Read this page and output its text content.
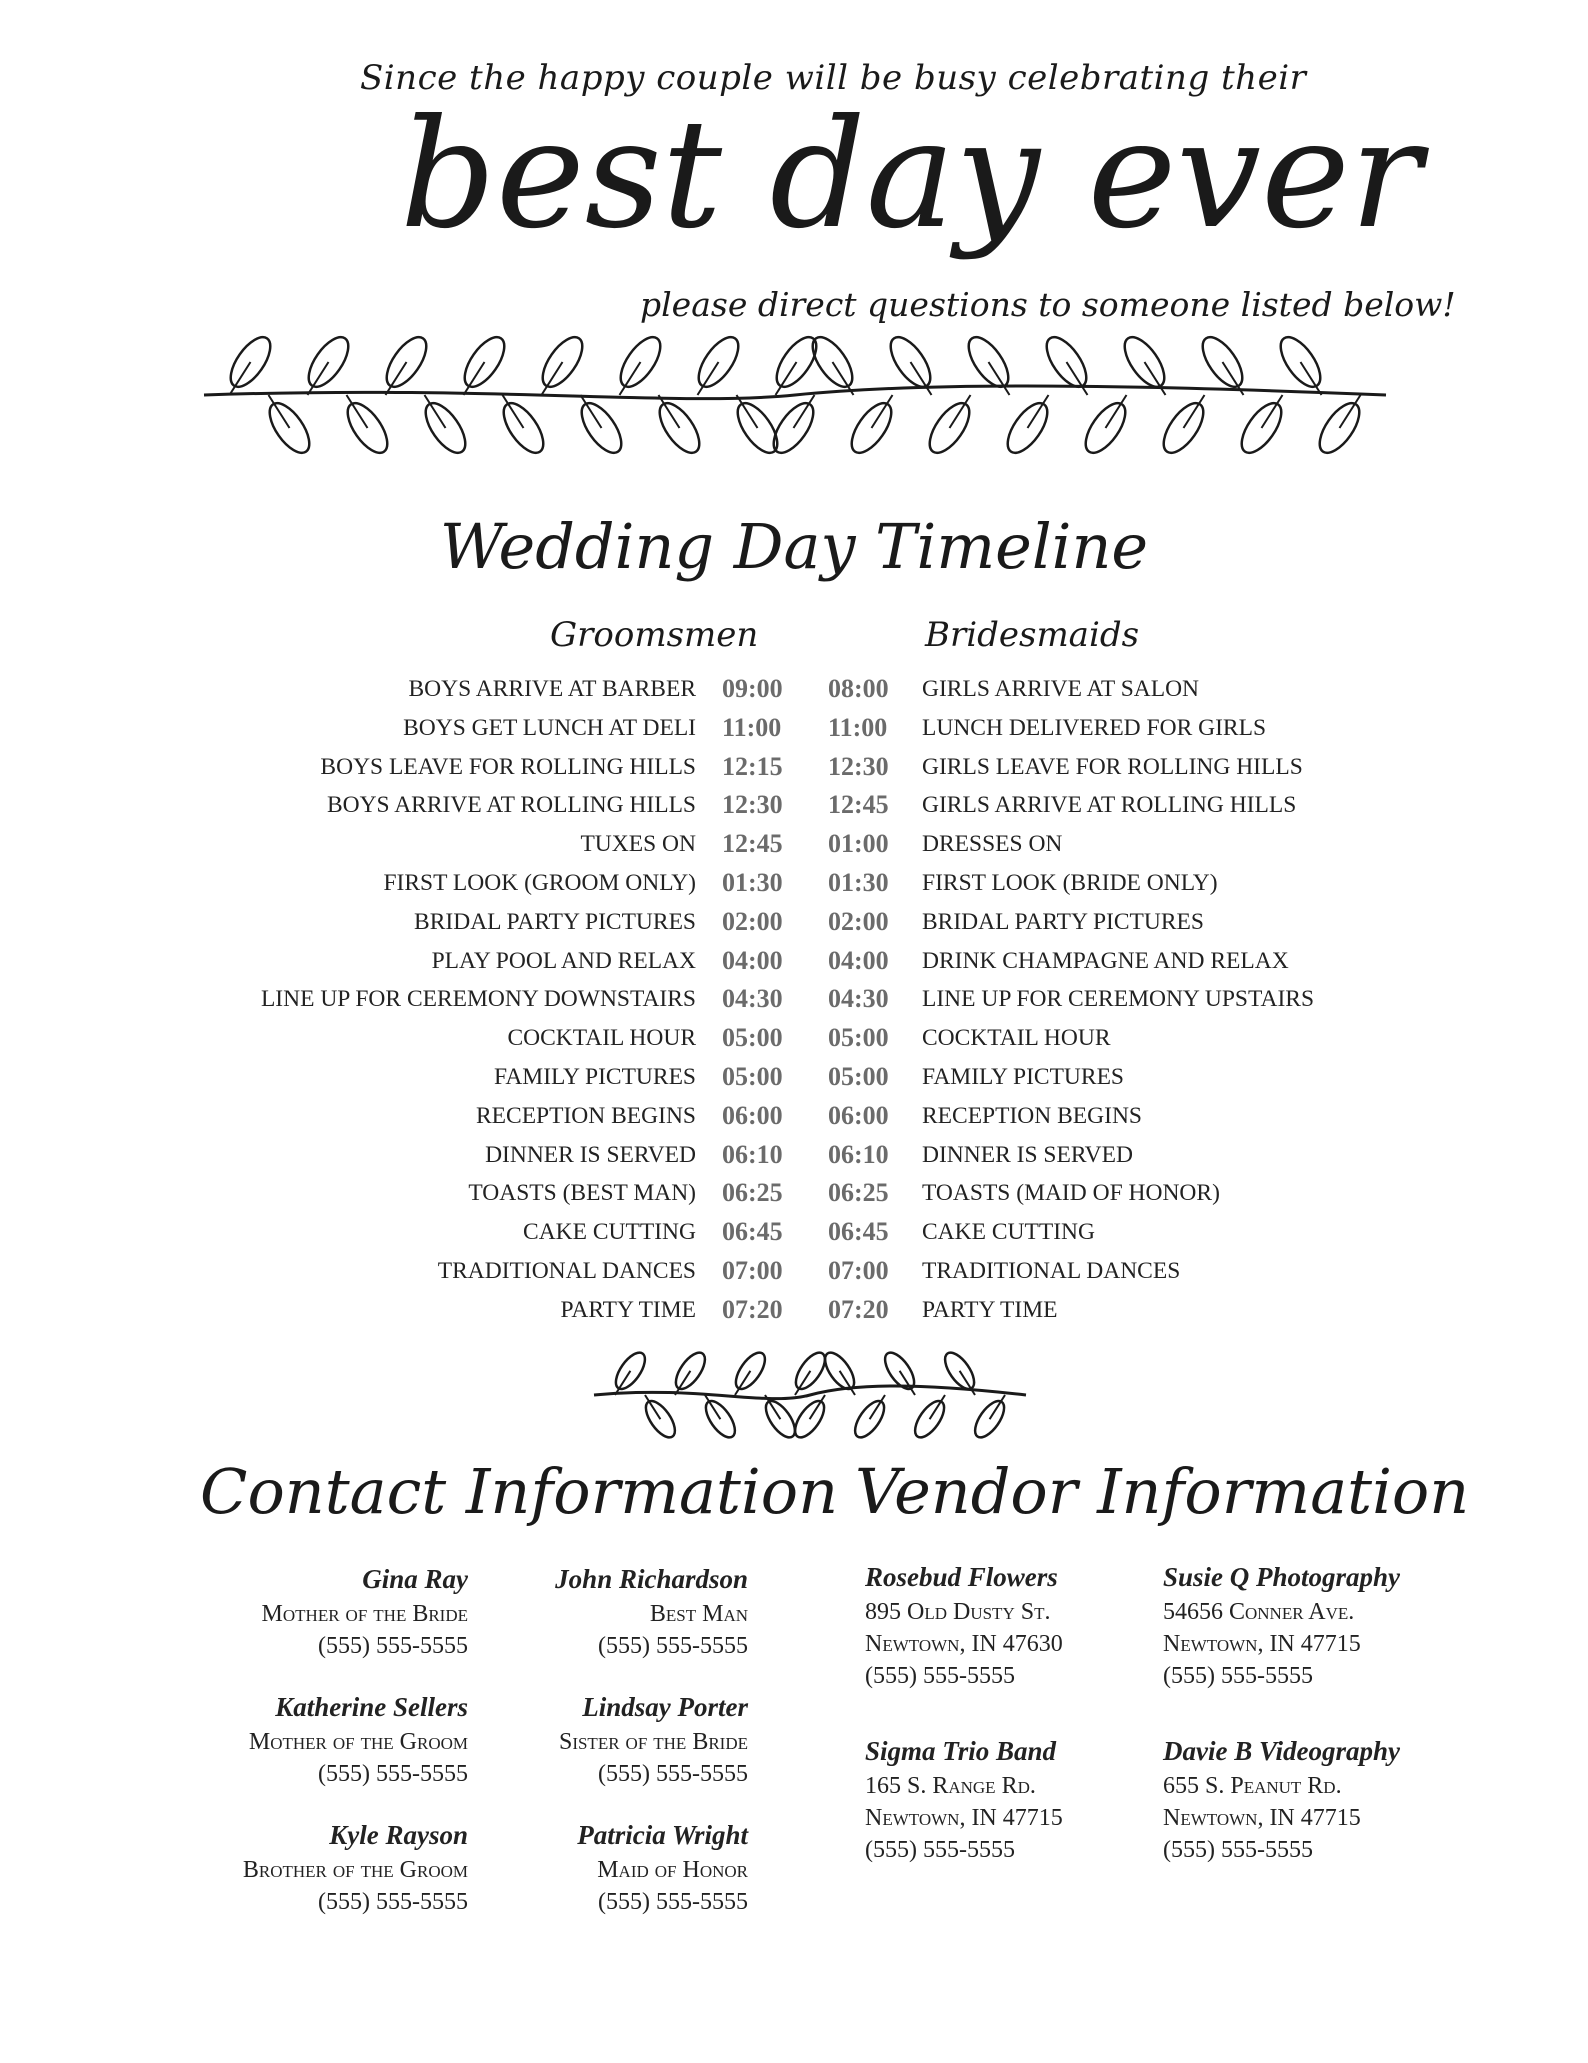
Since the happy couple will be busy celebrating their
best day ever
please direct questions to someone listed below!
Wedding Day Timeline
Groomsmen	Bridesmaids
BOYS ARRIVE AT BARBER 09:00 08:00 GIRLS ARRIVE AT SALON
BOYS GET LUNCH AT DELI 11:00 11:00 LUNCH DELIVERED FOR GIRLS
BOYS LEAVE FOR ROLLING HILLS 12:15 12:30 GIRLS LEAVE FOR ROLLING HILLS
BOYS ARRIVE AT ROLLING HILLS 12:30 12:45 GIRLS ARRIVE AT ROLLING HILLS
TUXES ON 12:45 01:00 DRESSES ON
FIRST LOOK (GROOM ONLY) 01:30 01:30 FIRST LOOK (BRIDE ONLY)
BRIDAL PARTY PICTURES 02:00 02:00 BRIDAL PARTY PICTURES
PLAY POOL AND RELAX 04:00 04:00 DRINK CHAMPAGNE AND RELAX
LINE UP FOR CEREMONY DOWNSTAIRS 04:30 04:30 LINE UP FOR CEREMONY UPSTAIRS
COCKTAIL HOUR 05:00 05:00 COCKTAIL HOUR
FAMILY PICTURES 05:00 05:00 FAMILY PICTURES
RECEPTION BEGINS 06:00 06:00 RECEPTION BEGINS
DINNER IS SERVED 06:10 06:10 DINNER IS SERVED
TOASTS (BEST MAN) 06:25 06:25 TOASTS (MAID OF HONOR)
CAKE CUTTING 06:45 06:45 CAKE CUTTING
TRADITIONAL DANCES 07:00 07:00 TRADITIONAL DANCES
PARTY TIME 07:20 07:20 PARTY TIME
Contact Information Vendor Information
Gina Ray
Mother of the Bride
(555) 555-5555
John Richardson
Best Man
(555) 555-5555
Katherine Sellers
Mother of the Groom
(555) 555-5555
Lindsay Porter
Sister of the Bride
(555) 555-5555
Kyle Rayson
Brother of the Groom
(555) 555-5555
Patricia Wright
Maid of Honor
(555) 555-5555
Rosebud Flowers
895 Old Dusty St.
Newtown, IN 47630
(555) 555-5555
Susie Q Photography
54656 Conner Ave.
Newtown, IN 47715
(555) 555-5555
Sigma Trio Band
165 S. Range Rd.
Newtown, IN 47715
(555) 555-5555
Davie B Videography
655 S. Peanut Rd.
Newtown, IN 47715
(555) 555-5555
